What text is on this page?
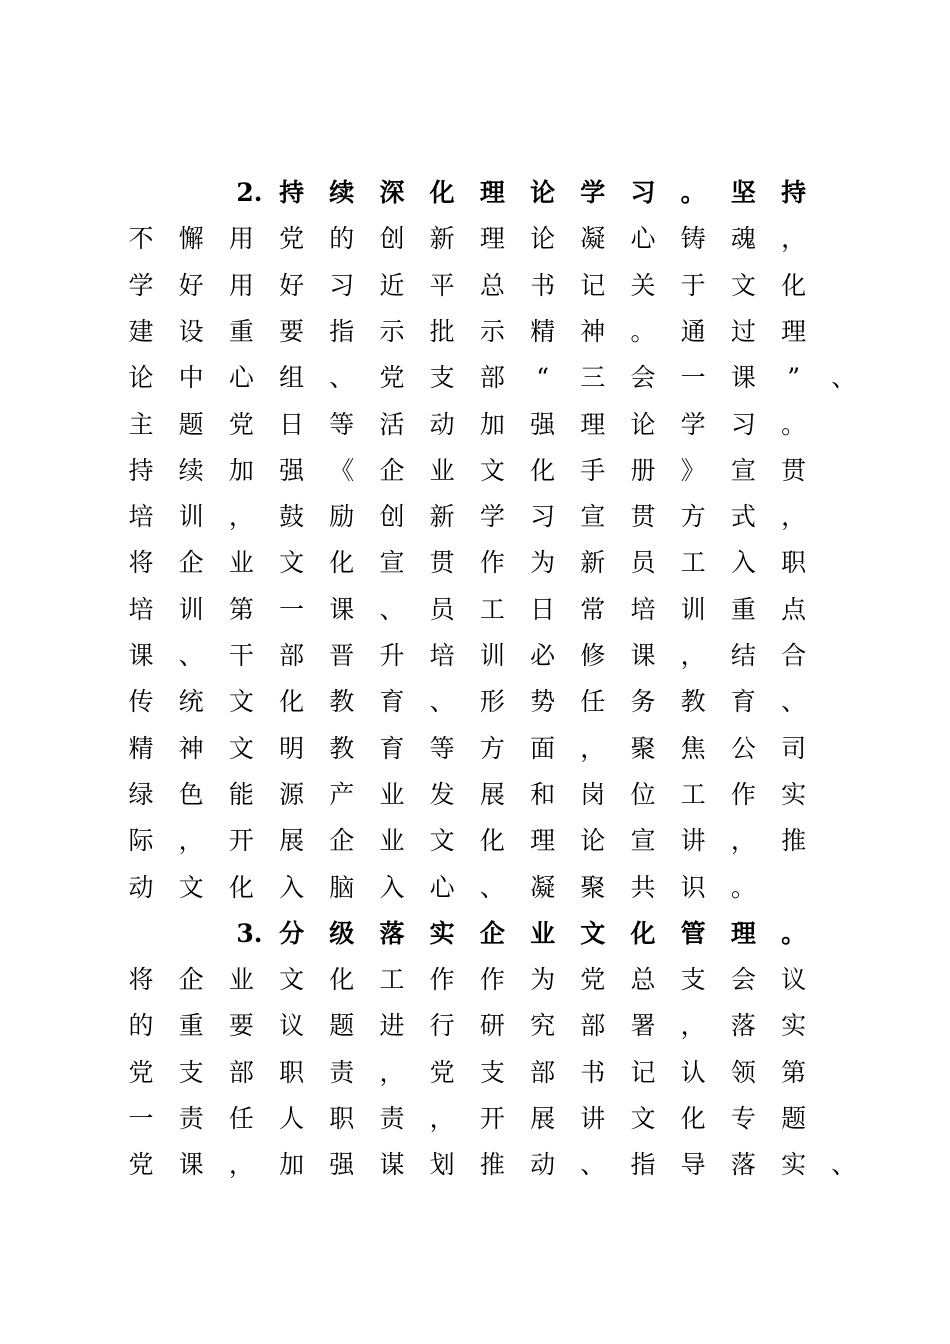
2. 持 续 深 化 理 论 学 习 。 坚 持
不 懈 用 党 的 创 新 理 论 凝 心 铸 魂 ，
学 好 用 好 习 近 平 总 书 记 关 于 文 化
建 设 重 要 指 示 批 示 精 神 。 通 过 理
论 中 心 组 、 党 支 部	“	三 会 一 课	”	、
主 题 党 日 等 活 动 加 强 理 论 学 习 。
持 续 加 强 《 企 业 文 化 手 册 》 宣 贯
培 训 ， 鼓 励 创 新 学 习 宣 贯 方 式 ，
将 企 业 文 化 宣 贯 作 为 新 员 工 入 职
培 训 第 一 课 、 员 工 日 常 培 训 重 点
课 、 干 部 晋 升 培 训 必 修 课 ， 结 合
传 统 文 化 教 育 、 形 势 任 务 教 育 、
精 神 文 明 教 育 等 方 面 ， 聚 焦 公 司
绿 色 能 源 产 业 发 展 和 岗 位 工 作 实
际 ， 开 展 企 业 文 化 理 论 宣 讲 ， 推
动 文 化 入 脑 入 心 、 凝 聚 共 识 。
3. 分 级 落 实 企 业 文 化 管 理 。
将 企 业 文 化 工 作 作 为 党 总 支 会 议
的 重 要 议 题 进 行 研 究 部 署 ， 落 实
党 支 部 职 责 ， 党 支 部 书 记 认 领 第
一 责 任 人 职 责 ， 开 展 讲 文 化 专 题
党 课 ， 加 强 谋 划 推 动 、 指 导 落 实 、
